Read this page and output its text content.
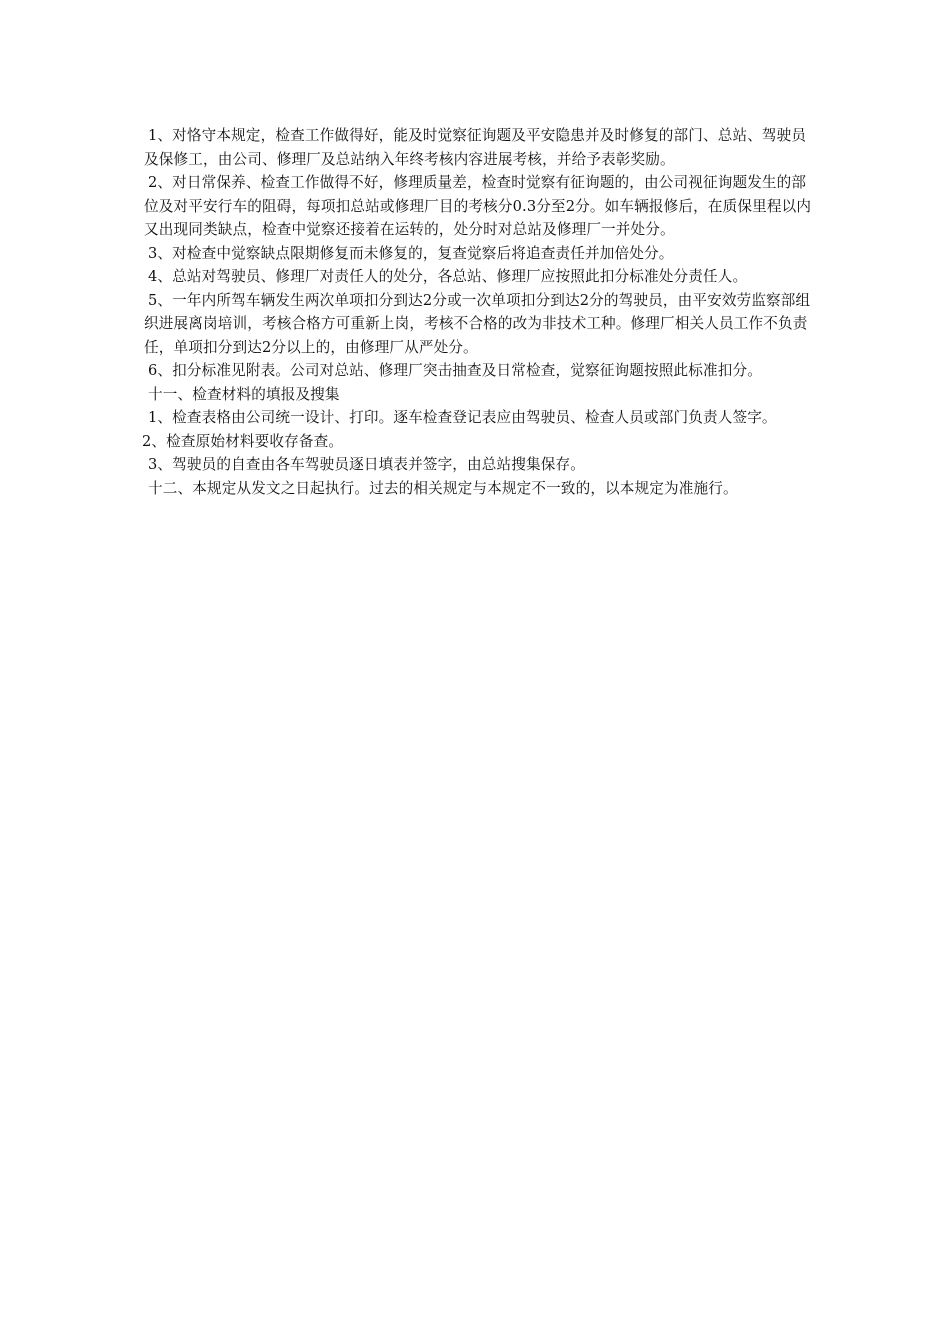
1、对恪守本规定，检查工作做得好，能及时觉察征询题及平安隐患并及时修复的部门、总站、驾驶员及保修工，由公司、修理厂及总站纳入年终考核内容进展考核，并给予表彰奖励。

2、对日常保养、检查工作做得不好，修理质量差，检查时觉察有征询题的，由公司视征询题发生的部位及对平安行车的阻碍，每项扣总站或修理厂目的考核分0.3分至2分。如车辆报修后，在质保里程以内又出现同类缺点，检查中觉察还接着在运转的，处分时对总站及修理厂一并处分。

3、对检查中觉察缺点限期修复而未修复的，复查觉察后将追查责任并加倍处分。

4、总站对驾驶员、修理厂对责任人的处分，各总站、修理厂应按照此扣分标准处分责任人。

5、一年内所驾车辆发生两次单项扣分到达2分或一次单项扣分到达2分的驾驶员，由平安效劳监察部组织进展离岗培训，考核合格方可重新上岗，考核不合格的改为非技术工种。修理厂相关人员工作不负责任，单项扣分到达2分以上的，由修理厂从严处分。

6、扣分标准见附表。公司对总站、修理厂突击抽查及日常检查，觉察征询题按照此标准扣分。

十一、检查材料的填报及搜集

1、检查表格由公司统一设计、打印。逐车检查登记表应由驾驶员、检查人员或部门负责人签字。

2、检查原始材料要收存备查。

3、驾驶员的自查由各车驾驶员逐日填表并签字，由总站搜集保存。

十二、本规定从发文之日起执行。过去的相关规定与本规定不一致的，以本规定为准施行。
